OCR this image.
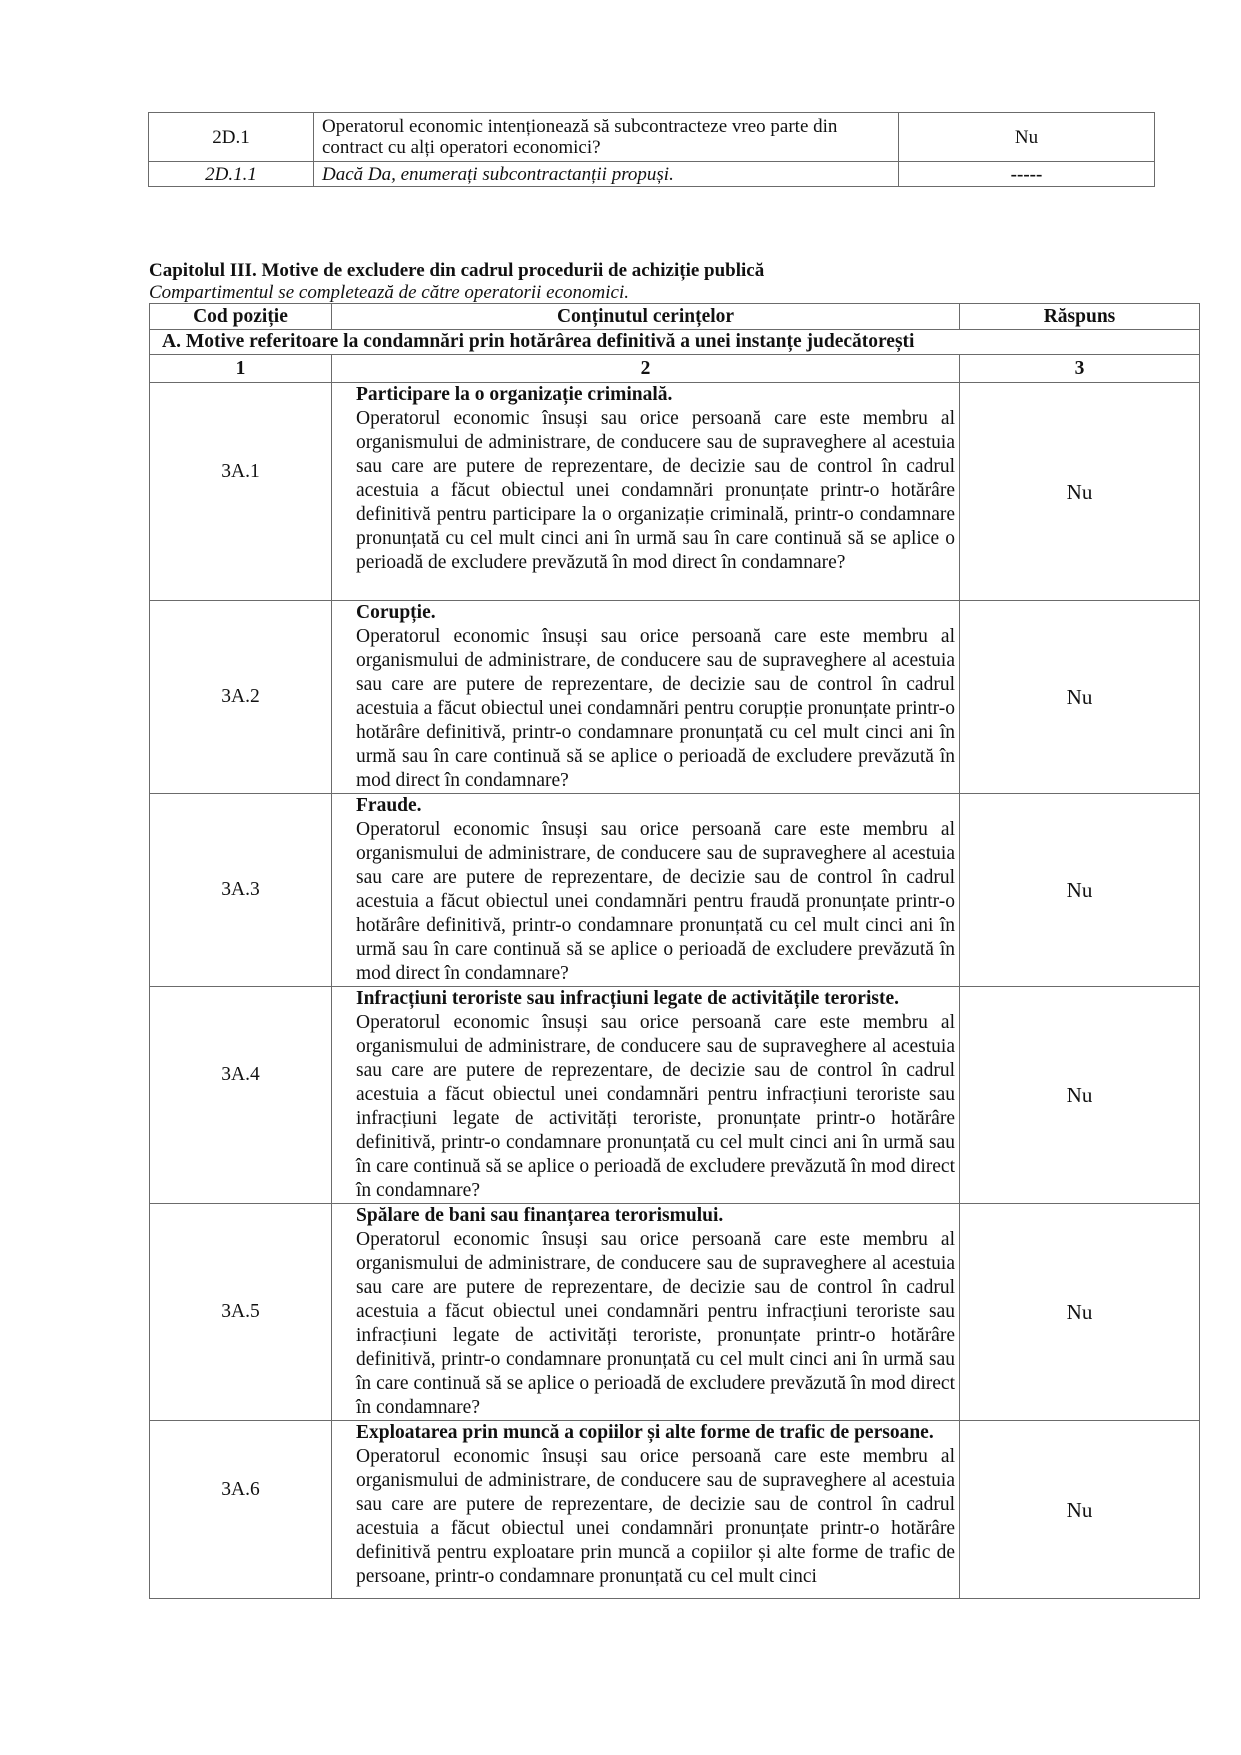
2D.1	Operatorul economic intenționează să subcontracteze vreo parte din contract cu alți operatori economici?	Nu
2D.1.1	Dacă Da, enumerați subcontractanții propuși.	-----
Capitolul III. Motive de excludere din cadrul procedurii de achiziție publică
Compartimentul se completează de către operatorii economici.
Cod poziție	Conținutul cerințelor	Răspuns
A. Motive referitoare la condamnări prin hotărârea definitivă a unei instanțe judecătorești		
1	2	3
3A.1	Participare la o organizație criminală.
Operatorul economic însuși sau orice persoană care este membru al organismului de administrare, de conducere sau de supraveghere al acestuia sau care are putere de reprezentare, de decizie sau de control în cadrul acestuia a făcut obiectul unei condamnări pronunțate printr-o hotărâre definitivă pentru participare la o organizație criminală, printr-o condamnare pronunțată cu cel mult cinci ani în urmă sau în care continuă să se aplice o perioadă de excludere prevăzută în mod direct în condamnare?	Nu
3A.2	Corupție.
Operatorul economic însuși sau orice persoană care este membru al organismului de administrare, de conducere sau de supraveghere al acestuia sau care are putere de reprezentare, de decizie sau de control în cadrul acestuia a făcut obiectul unei condamnări pentru corupție pronunțate printr-o hotărâre definitivă, printr-o condamnare pronunțată cu cel mult cinci ani în urmă sau în care continuă să se aplice o perioadă de excludere prevăzută în mod direct în condamnare?	Nu
3A.3	Fraude.
Operatorul economic însuși sau orice persoană care este membru al organismului de administrare, de conducere sau de supraveghere al acestuia sau care are putere de reprezentare, de decizie sau de control în cadrul acestuia a făcut obiectul unei condamnări pentru fraudă pronunțate printr-o hotărâre definitivă, printr-o condamnare pronunțată cu cel mult cinci ani în urmă sau în care continuă să se aplice o perioadă de excludere prevăzută în mod direct în condamnare?	Nu
3A.4	Infracțiuni teroriste sau infracțiuni legate de activitățile teroriste.
Operatorul economic însuși sau orice persoană care este membru al organismului de administrare, de conducere sau de supraveghere al acestuia sau care are putere de reprezentare, de decizie sau de control în cadrul acestuia a făcut obiectul unei condamnări pentru infracțiuni teroriste sau infracțiuni legate de activități teroriste, pronunțate printr-o hotărâre definitivă, printr-o condamnare pronunțată cu cel mult cinci ani în urmă sau în care continuă să se aplice o perioadă de excludere prevăzută în mod direct în condamnare?	Nu
3A.5	Spălare de bani sau finanțarea terorismului.
Operatorul economic însuși sau orice persoană care este membru al organismului de administrare, de conducere sau de supraveghere al acestuia sau care are putere de reprezentare, de decizie sau de control în cadrul acestuia a făcut obiectul unei condamnări pentru infracțiuni teroriste sau infracțiuni legate de activități teroriste, pronunțate printr-o hotărâre definitivă, printr-o condamnare pronunțată cu cel mult cinci ani în urmă sau în care continuă să se aplice o perioadă de excludere prevăzută în mod direct în condamnare?	Nu
3A.6	Exploatarea prin muncă a copiilor și alte forme de trafic de persoane.
Operatorul economic însuși sau orice persoană care este membru al organismului de administrare, de conducere sau de supraveghere al acestuia sau care are putere de reprezentare, de decizie sau de control în cadrul acestuia a făcut obiectul unei condamnări pronunțate printr-o hotărâre definitivă pentru exploatare prin muncă a copiilor și alte forme de trafic de persoane, printr-o condamnare pronunțată cu cel mult cinci	Nu
